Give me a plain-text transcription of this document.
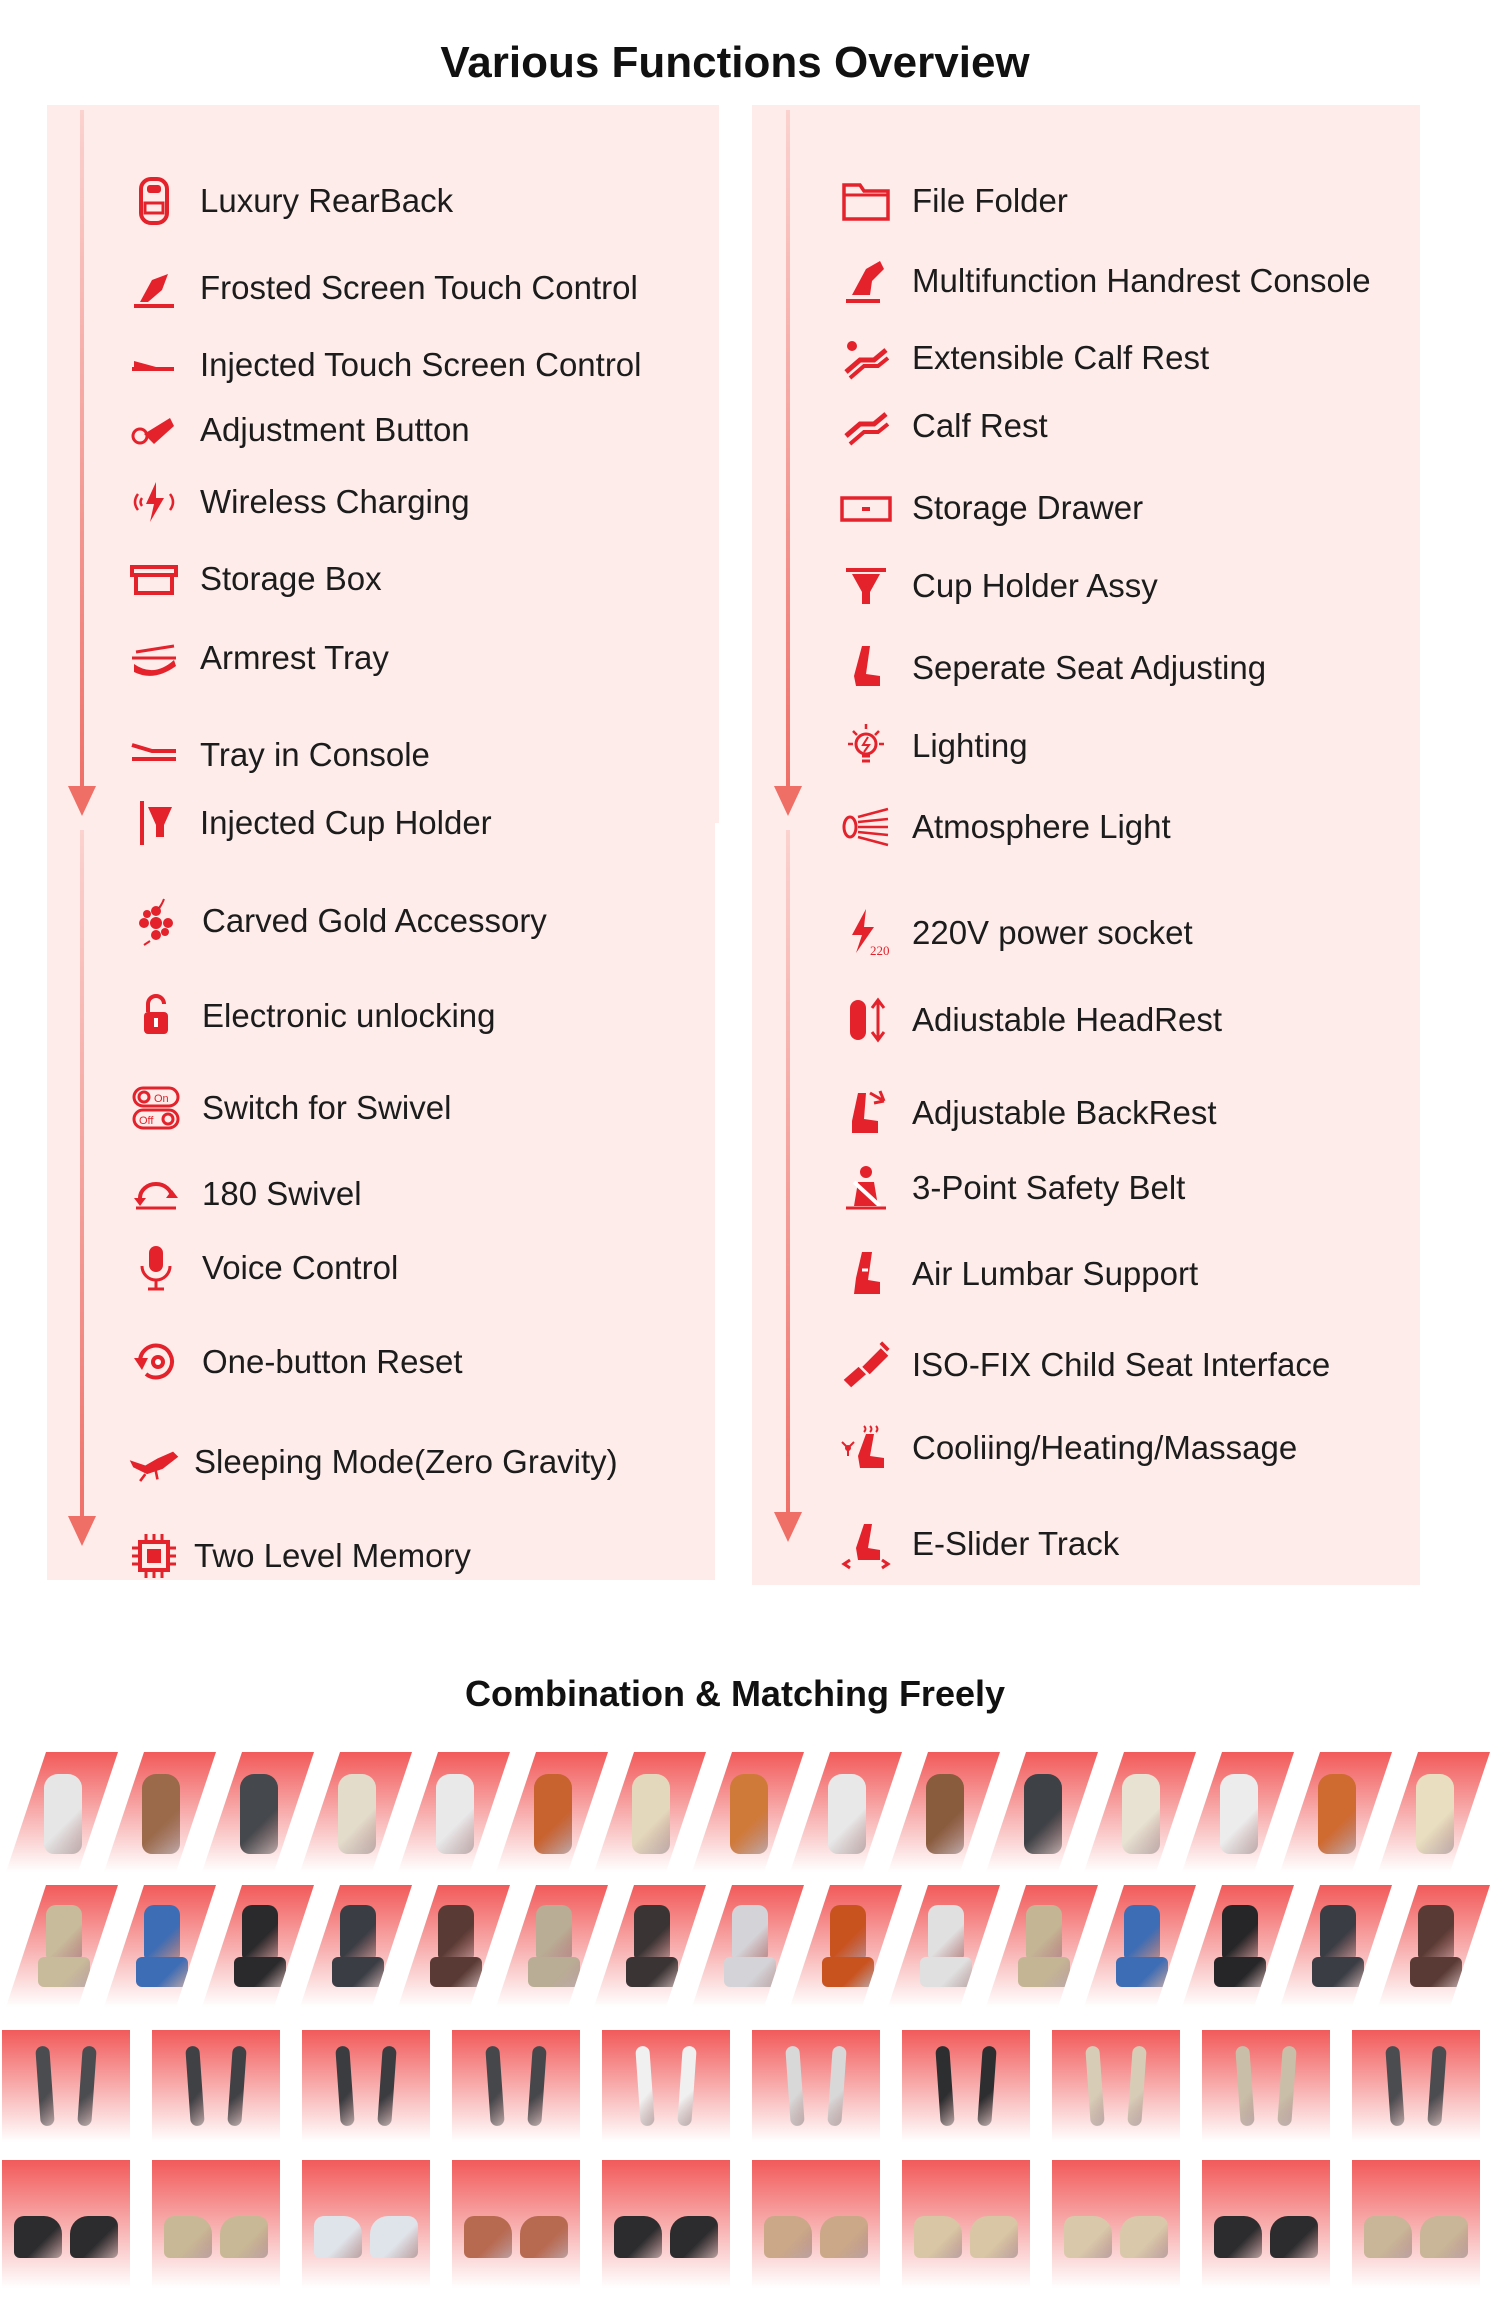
Various Functions Overview
Luxury RearBack
Frosted Screen Touch Control
Injected Touch Screen Control
Adjustment Button
Wireless Charging
Storage Box
Armrest Tray
Tray in Console
Injected Cup Holder
Carved Gold Accessory
Electronic unlocking
On
Off	Switch for Swivel
180 Swivel
Voice Control
One-button Reset
Sleeping Mode(Zero Gravity)
Two Level Memory
File Folder
Multifunction Handrest Console
Extensible Calf Rest
Calf Rest
Storage Drawer
Cup Holder Assy
Seperate Seat Adjusting
Lighting
Atmosphere Light
220 220V power socket
Adiustable HeadRest
Adjustable BackRest
3-Point Safety Belt
Air Lumbar Support
ISO-FIX Child Seat Interface
Cooliing/Heating/Massage
E-Slider Track
Combination & Matching Freely
